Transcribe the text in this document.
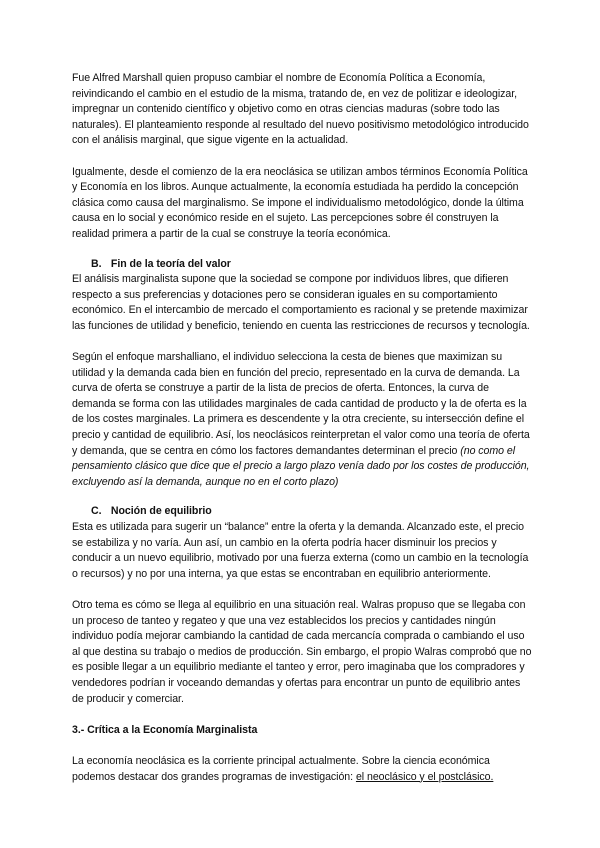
Fue Alfred Marshall quien propuso cambiar el nombre de Economía Política a Economía, reivindicando el cambio en el estudio de la misma, tratando de, en vez de politizar e ideologizar, impregnar un contenido científico y objetivo como en otras ciencias maduras (sobre todo las naturales). El planteamiento responde al resultado del nuevo positivismo metodológico introducido con el análisis marginal, que sigue vigente en la actualidad.

Igualmente, desde el comienzo de la era neoclásica se utilizan ambos términos Economía Política y Economía en los libros. Aunque actualmente, la economía estudiada ha perdido la concepción clásica como causa del marginalismo. Se impone el individualismo metodológico, donde la última causa en lo social y económico reside en el sujeto. Las percepciones sobre él construyen la realidad primera a partir de la cual se construye la teoría económica.

B. Fin de la teoría del valor

El análisis marginalista supone que la sociedad se compone por individuos libres, que difieren respecto a sus preferencias y dotaciones pero se consideran iguales en su comportamiento económico. En el intercambio de mercado el comportamiento es racional y se pretende maximizar las funciones de utilidad y beneficio, teniendo en cuenta las restricciones de recursos y tecnología.

Según el enfoque marshalliano, el individuo selecciona la cesta de bienes que maximizan su utilidad y la demanda cada bien en función del precio, representado en la curva de demanda. La curva de oferta se construye a partir de la lista de precios de oferta. Entonces, la curva de demanda se forma con las utilidades marginales de cada cantidad de producto y la de oferta es la de los costes marginales. La primera es descendente y la otra creciente, su intersección define el precio y cantidad de equilibrio. Así, los neoclásicos reinterpretan el valor como una teoría de oferta y demanda, que se centra en cómo los factores demandantes determinan el precio (no como el pensamiento clásico que dice que el precio a largo plazo venía dado por los costes de producción, excluyendo así la demanda, aunque no en el corto plazo)

C. Noción de equilibrio

Esta es utilizada para sugerir un “balance” entre la oferta y la demanda. Alcanzado este, el precio se estabiliza y no varía. Aun así, un cambio en la oferta podría hacer disminuir los precios y conducir a un nuevo equilibrio, motivado por una fuerza externa (como un cambio en la tecnología o recursos) y no por una interna, ya que estas se encontraban en equilibrio anteriormente.

Otro tema es cómo se llega al equilibrio en una situación real. Walras propuso que se llegaba con un proceso de tanteo y regateo y que una vez establecidos los precios y cantidades ningún individuo podía mejorar cambiando la cantidad de cada mercancía comprada o cambiando el uso al que destina su trabajo o medios de producción. Sin embargo, el propio Walras comprobó que no es posible llegar a un equilibrio mediante el tanteo y error, pero imaginaba que los compradores y vendedores podrían ir voceando demandas y ofertas para encontrar un punto de equilibrio antes de producir y comerciar.

3.- Crítica a la Economía Marginalista

La economía neoclásica es la corriente principal actualmente. Sobre la ciencia económica podemos destacar dos grandes programas de investigación: el neoclásico y el postclásico.
